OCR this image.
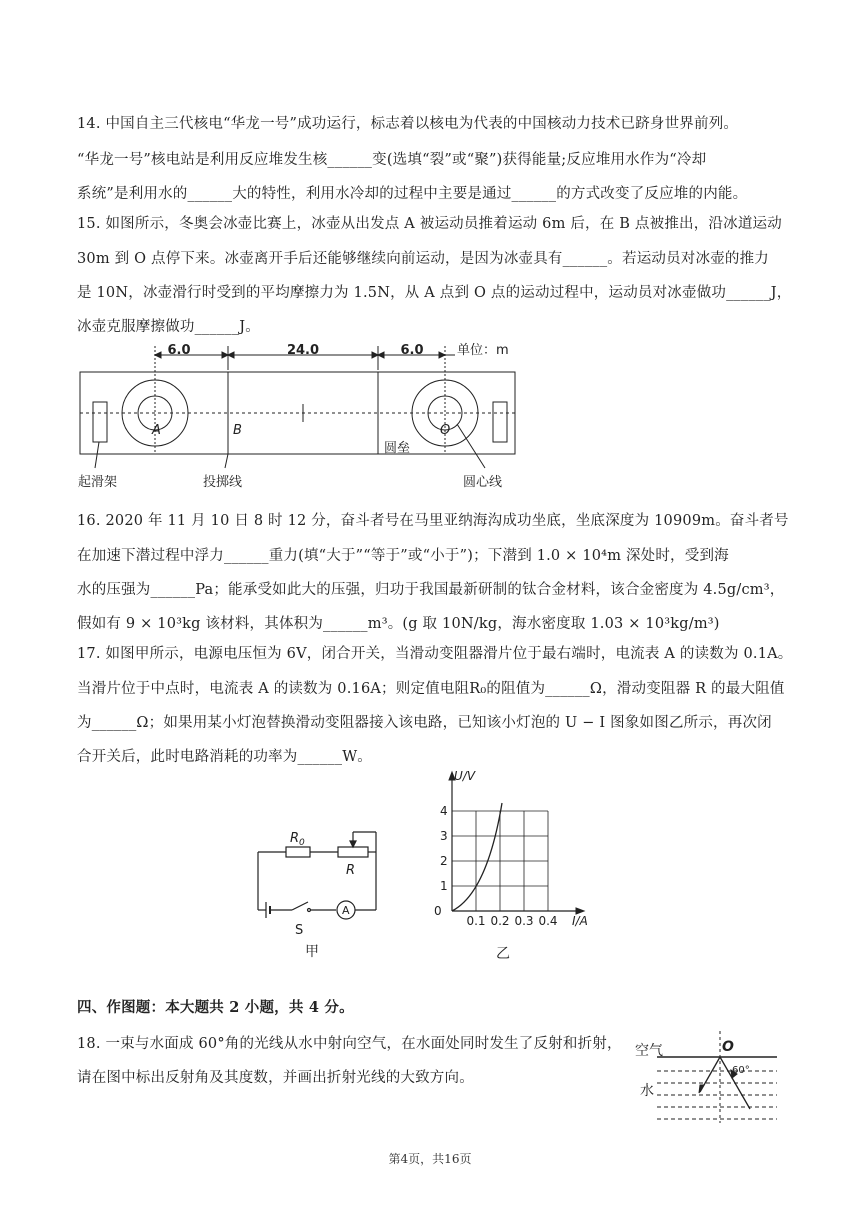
14. 中国自主三代核电“华龙一号”成功运行，标志着以核电为代表的中国核动力技术已跻身世界前列。
“华龙一号”核电站是利用反应堆发生核______变(选填“裂”或“聚”)获得能量;反应堆用水作为“冷却
系统”是利用水的______大的特性，利用水冷却的过程中主要是通过______的方式改变了反应堆的内能。
15. 如图所示，冬奥会冰壶比赛上，冰壶从出发点 A 被运动员推着运动 6m 后，在 B 点被推出，沿冰道运动
30m 到 O 点停下来。冰壶离开手后还能够继续向前运动，是因为冰壶具有______。若运动员对冰壶的推力
是 10N，冰壶滑行时受到的平均摩擦力为 1.5N，从 A 点到 O 点的运动过程中，运动员对冰壶做功______J，
冰壶克服摩擦做功______J。
6.0	24.0	6.0	单位：m
A	B	O
圆垒
起滑架	投掷线	圆心线
16. 2020 年 11 月 10 日 8 时 12 分，奋斗者号在马里亚纳海沟成功坐底，坐底深度为 10909m。奋斗者号
在加速下潜过程中浮力______重力(填“大于”“等于”或“小于”)；下潜到 1.0 × 10⁴m 深处时，受到海
水的压强为______Pa；能承受如此大的压强，归功于我国最新研制的钛合金材料，该合金密度为 4.5g/cm³，
假如有 9 × 10³kg 该材料，其体积为______m³。(g 取 10N/kg，海水密度取 1.03 × 10³kg/m³)
17. 如图甲所示，电源电压恒为 6V，闭合开关，当滑动变阻器滑片位于最右端时，电流表 A 的读数为 0.1A。
当滑片位于中点时，电流表 A 的读数为 0.16A；则定值电阻R₀的阻值为______Ω，滑动变阻器 R 的最大阻值
为______Ω；如果用某小灯泡替换滑动变阻器接入该电路，已知该小灯泡的 U − I 图象如图乙所示，再次闭
合开关后，此时电路消耗的功率为______W。
$R_0$
R
A
S
甲
U/V
0
1
2
3
4
0.1 0.2 0.3 0.4 I/A
乙
四、作图题：本大题共 2 小题，共 4 分。
18. 一束与水面成 60°角的光线从水中射向空气，在水面处同时发生了反射和折射，
请在图中标出反射角及其度数，并画出折射光线的大致方向。
空气
水
O
60°
第4页，共16页
